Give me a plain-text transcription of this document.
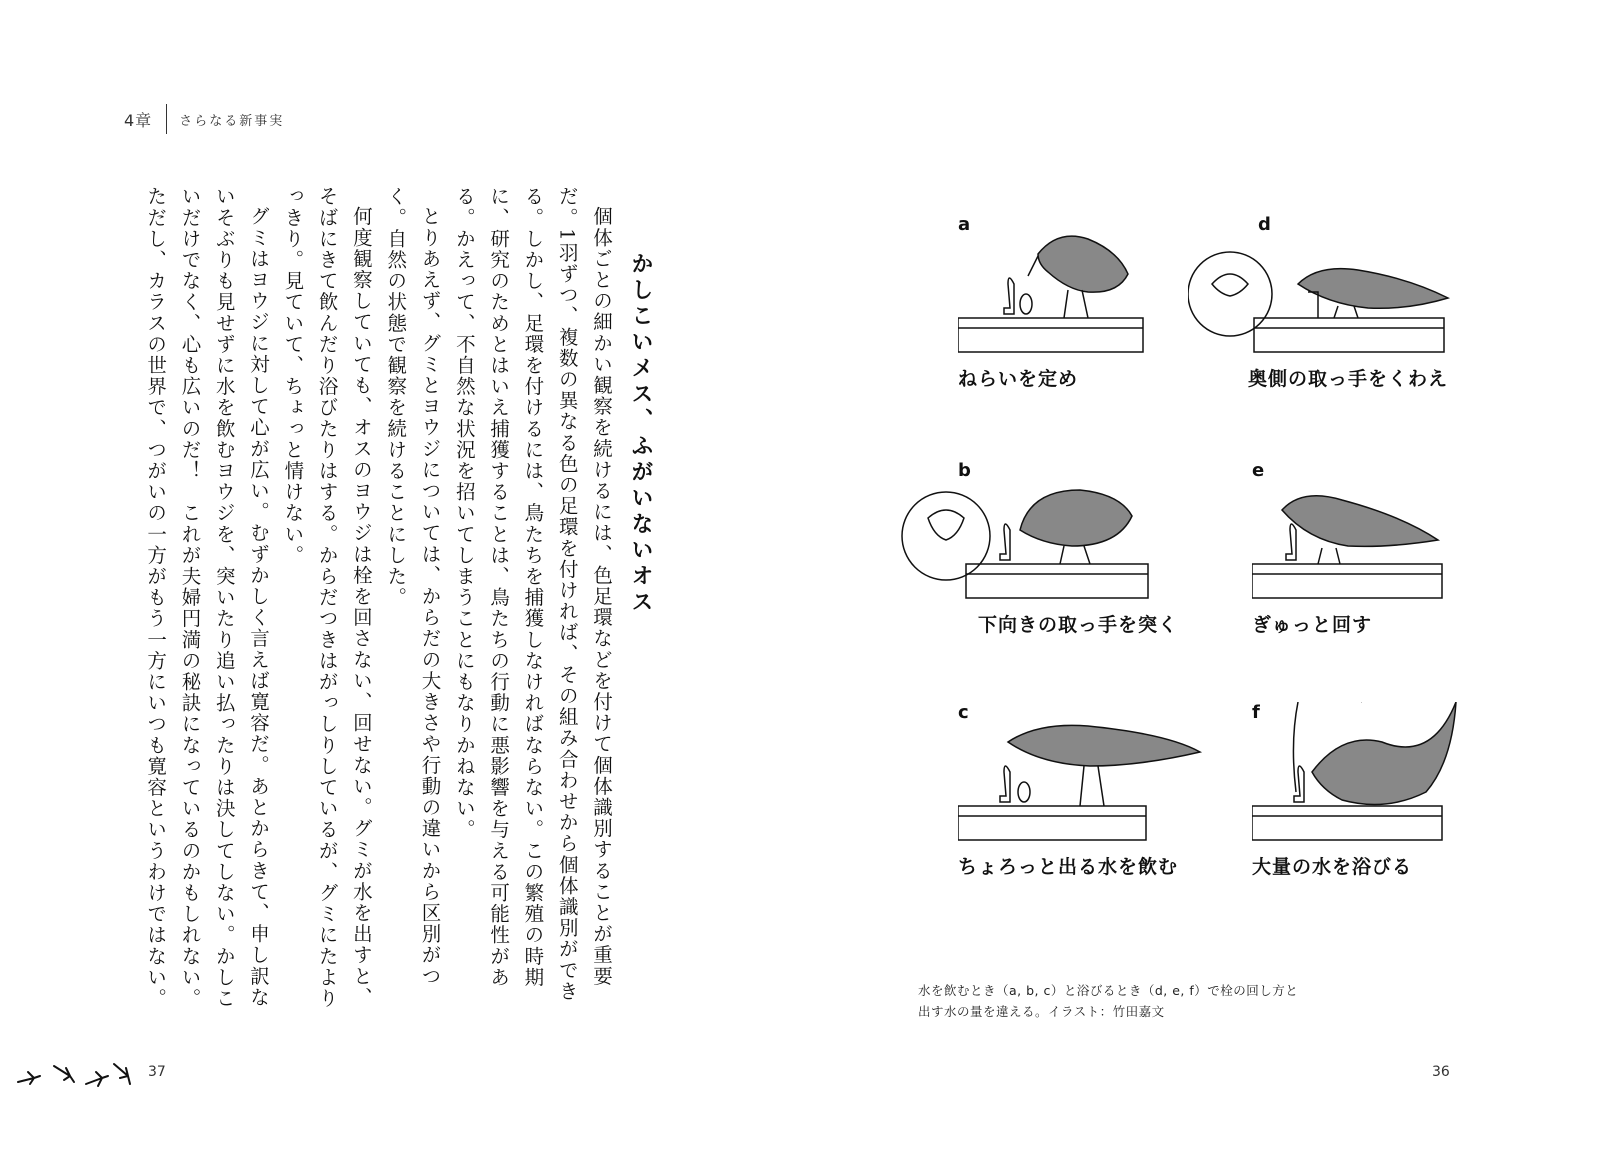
4章 さらなる新事実
かしこいメス、ふがいないオス

個体ごとの細かい観察を続けるには、色足環などを付けて個体識別することが重要だ。1羽ずつ、複数の異なる色の足環を付ければ、その組み合わせから個体識別ができる。しかし、足環を付けるには、鳥たちを捕獲しなければならない。この繁殖の時期に、研究のためとはいえ捕獲することは、鳥たちの行動に悪影響を与える可能性がある。かえって、不自然な状況を招いてしまうことにもなりかねない。

とりあえず、グミとヨウジについては、からだの大きさや行動の違いから区別がつく。自然の状態で観察を続けることにした。

何度観察していても、オスのヨウジは栓を回さない、回せない。グミが水を出すと、そばにきて飲んだり浴びたりはする。からだつきはがっしりしているが、グミにたよりっきり。見ていて、ちょっと情けない。

グミはヨウジに対して心が広い。むずかしく言えば寛容だ。あとからきて、申し訳ないそぶりも見せずに水を飲むヨウジを、突いたり追い払ったりは決してしない。かしこいだけでなく、心も広いのだ！　これが夫婦円満の秘訣になっているのかもしれない。ただし、カラスの世界で、つがいの一方がもう一方にいつも寛容というわけではない。

37	36
a
ねらいを定め
d
奥側の取っ手をくわえ
b
下向きの取っ手を突く
e
ぎゅっと回す
c
ちょろっと出る水を飲む
f
大量の水を浴びる
水を飲むとき（a, b, c）と浴びるとき（d, e, f）で栓の回し方と
出す水の量を違える。イラスト：竹田嘉文
